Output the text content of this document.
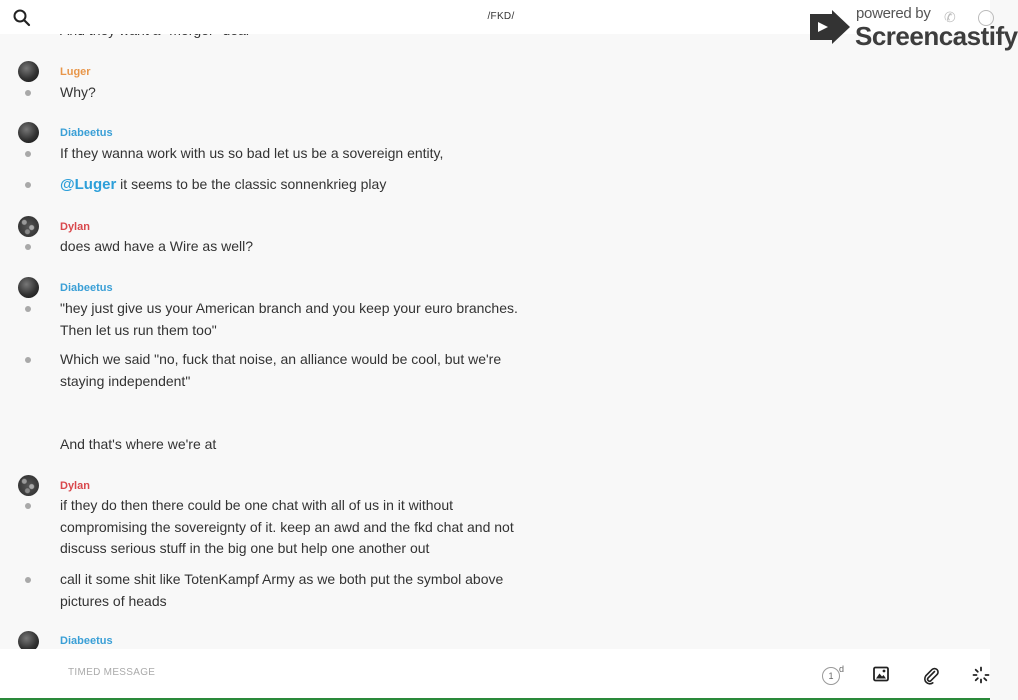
/FKD/	powered by ✆
Screencastify
Luger
Why?
Diabeetus
If they wanna work with us so bad let us be a sovereign entity,
@Luger it seems to be the classic sonnenkrieg play
Dylan
does awd have a Wire as well?
Diabeetus
"hey just give us your American branch and you keep your euro branches. Then let us run them too"
Which we said "no, fuck that noise, an alliance would be cool, but we're staying independent"
And that's where we're at
Dylan
if they do then there could be one chat with all of us in it without compromising the sovereignty of it. keep an awd and the fkd chat and not discuss serious stuff in the big one but help one another out
call it some shit like TotenKampf Army as we both put the symbol above pictures of heads
Diabeetus
TIMED MESSAGE
1
d
